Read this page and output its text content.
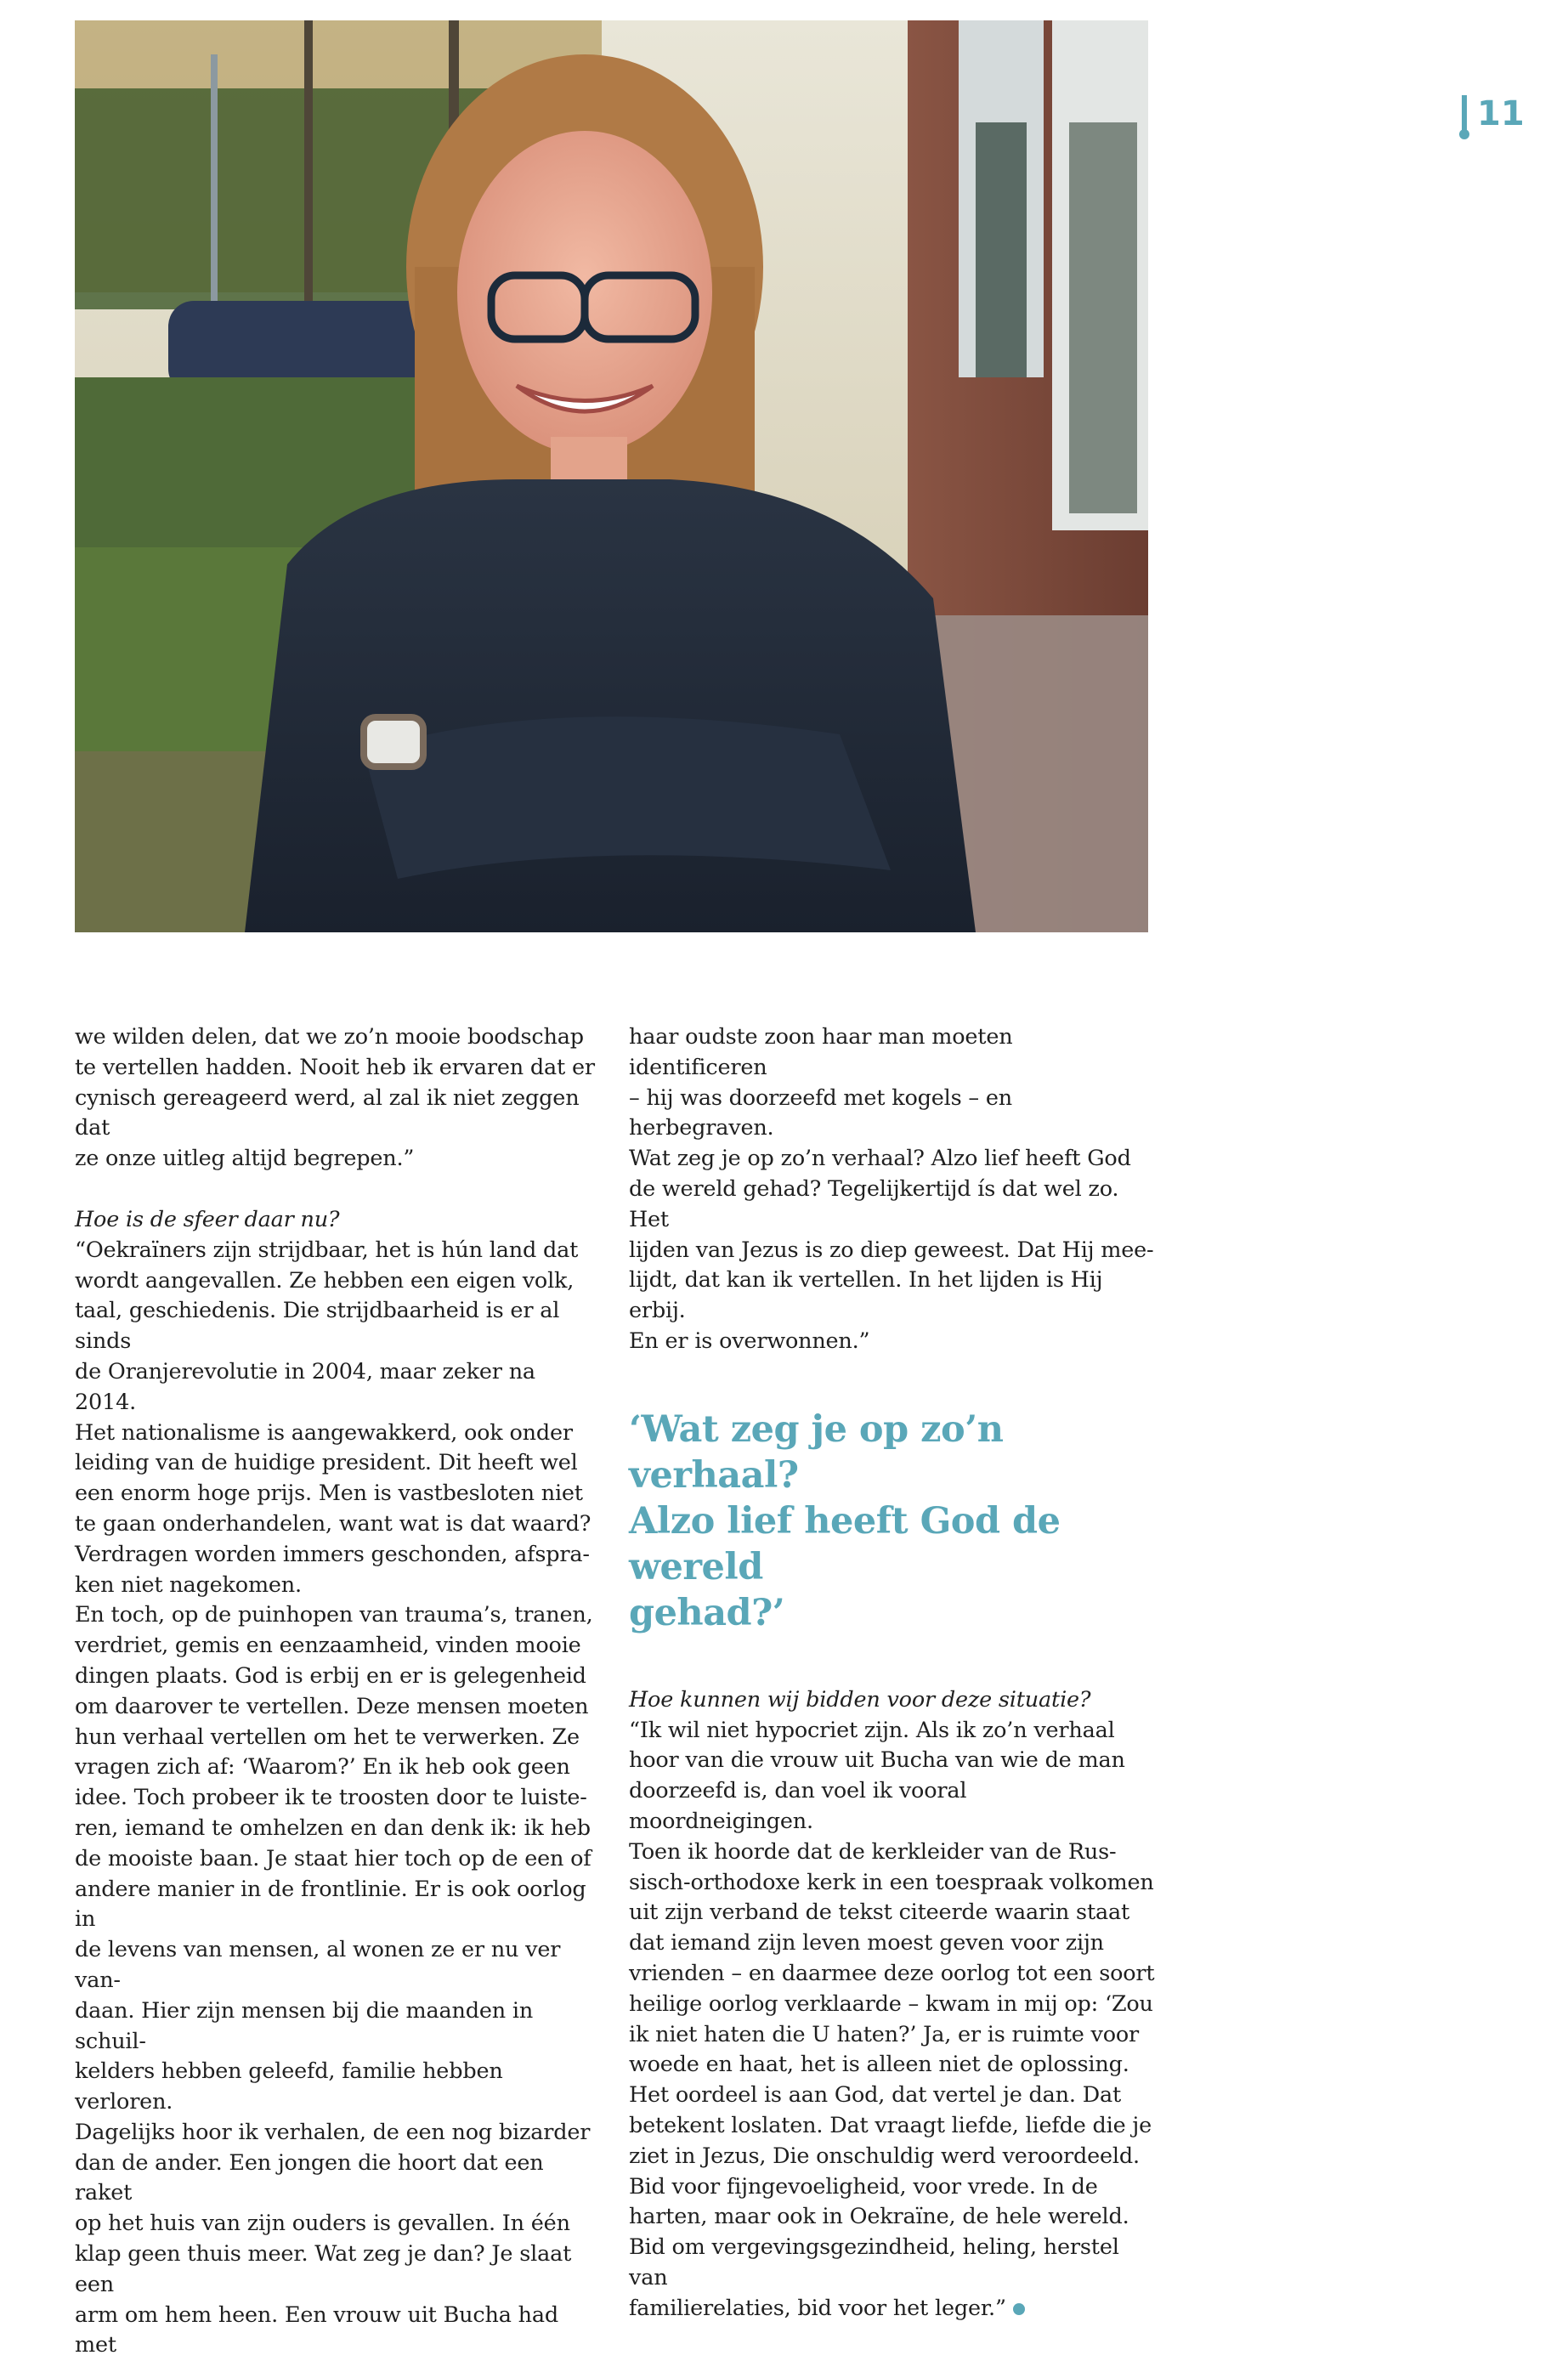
11

we wilden delen, dat we zo’n mooie boodschap
te vertellen hadden. Nooit heb ik ervaren dat er
cynisch gereageerd werd, al zal ik niet zeggen dat
ze onze uitleg altijd begrepen.”

Hoe is de sfeer daar nu?

“Oekraïners zijn strijdbaar, het is hún land dat
wordt aangevallen. Ze hebben een eigen volk,
taal, geschiedenis. Die strijdbaarheid is er al sinds
de Oranjerevolutie in 2004, maar zeker na 2014.
Het nationalisme is aangewakkerd, ook onder
leiding van de huidige president. Dit heeft wel
een enorm hoge prijs. Men is vastbesloten niet
te gaan onderhandelen, want wat is dat waard?
Verdragen worden immers geschonden, afspra-
ken niet nagekomen.

En toch, op de puinhopen van trauma’s, tranen,
verdriet, gemis en eenzaamheid, vinden mooie
dingen plaats. God is erbij en er is gelegenheid
om daarover te vertellen. Deze mensen moeten
hun verhaal vertellen om het te verwerken. Ze
vragen zich af: ‘Waarom?’ En ik heb ook geen
idee. Toch probeer ik te troosten door te luiste-
ren, iemand te omhelzen en dan denk ik: ik heb
de mooiste baan. Je staat hier toch op de een of
andere manier in de frontlinie. Er is ook oorlog in
de levens van mensen, al wonen ze er nu ver van-
daan. Hier zijn mensen bij die maanden in schuil-
kelders hebben geleefd, familie hebben verloren.
Dagelijks hoor ik verhalen, de een nog bizarder
dan de ander. Een jongen die hoort dat een raket
op het huis van zijn ouders is gevallen. In één
klap geen thuis meer. Wat zeg je dan? Je slaat een
arm om hem heen. Een vrouw uit Bucha had met

haar oudste zoon haar man moeten identificeren
– hij was doorzeefd met kogels – en herbegraven.
Wat zeg je op zo’n verhaal? Alzo lief heeft God
de wereld gehad? Tegelijkertijd ís dat wel zo. Het
lijden van Jezus is zo diep geweest. Dat Hij mee-
lijdt, dat kan ik vertellen. In het lijden is Hij erbij.
En er is overwonnen.”

‘Wat zeg je op zo’n verhaal?
Alzo lief heeft God de wereld
gehad?’

Hoe kunnen wij bidden voor deze situatie?

“Ik wil niet hypocriet zijn. Als ik zo’n verhaal
hoor van die vrouw uit Bucha van wie de man
doorzeefd is, dan voel ik vooral moordneigingen.
Toen ik hoorde dat de kerkleider van de Rus-
sisch-orthodoxe kerk in een toespraak volkomen
uit zijn verband de tekst citeerde waarin staat
dat iemand zijn leven moest geven voor zijn
vrienden – en daarmee deze oorlog tot een soort
heilige oorlog verklaarde – kwam in mij op: ‘Zou
ik niet haten die U haten?’ Ja, er is ruimte voor
woede en haat, het is alleen niet de oplossing.
Het oordeel is aan God, dat vertel je dan. Dat
betekent loslaten. Dat vraagt liefde, liefde die je
ziet in Jezus, Die onschuldig werd veroordeeld.
Bid voor fijngevoeligheid, voor vrede. In de
harten, maar ook in Oekraïne, de hele wereld.
Bid om vergevingsgezindheid, heling, herstel van
familierelaties, bid voor het leger.”
